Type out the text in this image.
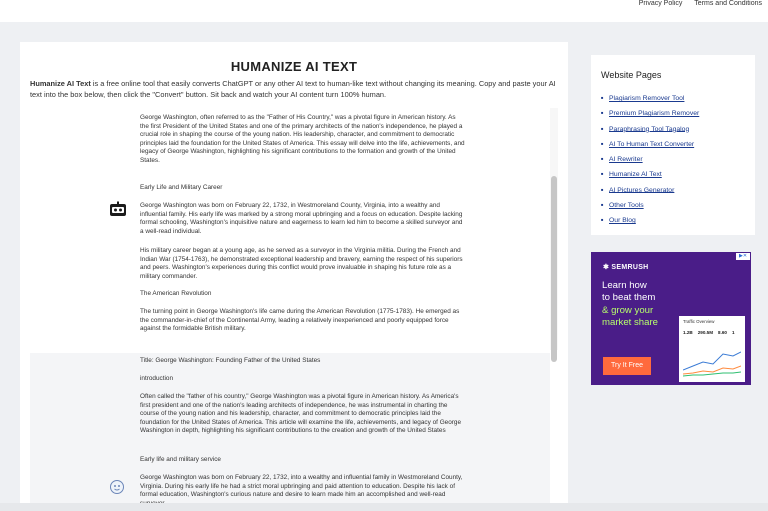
Privacy Policy Terms and Conditions
HUMANIZE AI TEXT
Humanize AI Text is a free online tool that easily converts ChatGPT or any other AI text to human-like text without changing its meaning. Copy and paste your AI text into the box below, then click the "Convert" button. Sit back and watch your AI content turn 100% human.
George Washington, often referred to as the "Father of His Country," was a pivotal figure in American history. As the first President of the United States and one of the primary architects of the nation's independence, he played a crucial role in shaping the course of the young nation. His leadership, character, and commitment to democratic principles laid the foundation for the United States of America. This essay will delve into the life, achievements, and legacy of George Washington, highlighting his significant contributions to the formation and growth of the United States.
Early Life and Military Career
George Washington was born on February 22, 1732, in Westmoreland County, Virginia, into a wealthy and influential family. His early life was marked by a strong moral upbringing and a focus on education. Despite lacking formal schooling, Washington's inquisitive nature and eagerness to learn led him to become a skilled surveyor and a well-read individual.
His military career began at a young age, as he served as a surveyor in the Virginia militia. During the French and Indian War (1754-1763), he demonstrated exceptional leadership and bravery, earning the respect of his superiors and peers. Washington's experiences during this conflict would prove invaluable in shaping his future role as a military commander.
The American Revolution
The turning point in George Washington's life came during the American Revolution (1775-1783). He emerged as the commander-in-chief of the Continental Army, leading a relatively inexperienced and poorly equipped force against the formidable British military.
Title: George Washington: Founding Father of the United States
introduction
Often called the "father of his country," George Washington was a pivotal figure in American history. As America's first president and one of the nation's leading architects of independence, he was instrumental in charting the course of the young nation and his leadership, character, and commitment to democratic principles laid the foundation for the United States of America. This article will examine the life, achievements, and legacy of George Washington in depth, highlighting his significant contributions to the creation and growth of the United States
Early life and military service
George Washington was born on February 22, 1732, into a wealthy and influential family in Westmoreland County, Virginia. During his early life he had a strict moral upbringing and paid attention to education. Despite his lack of formal education, Washington's curious nature and desire to learn made him an accomplished and well-read
Website Pages
■ Plagiarism Remover Tool
■ Premium Plagiarism Remover
■ Paraphrasing Tool Tagalog
■ AI To Human Text Converter
■ AI Rewriter
■ Humanize AI Text
■ AI Pictures Generator
■ Other Tools
■ Our Blog
▶✕
✱ SEMRUSH
Learn how
to beat them
& grow your
market share
Try It Free
Traffic Overview
1.2B 290.5M 8.60 1
